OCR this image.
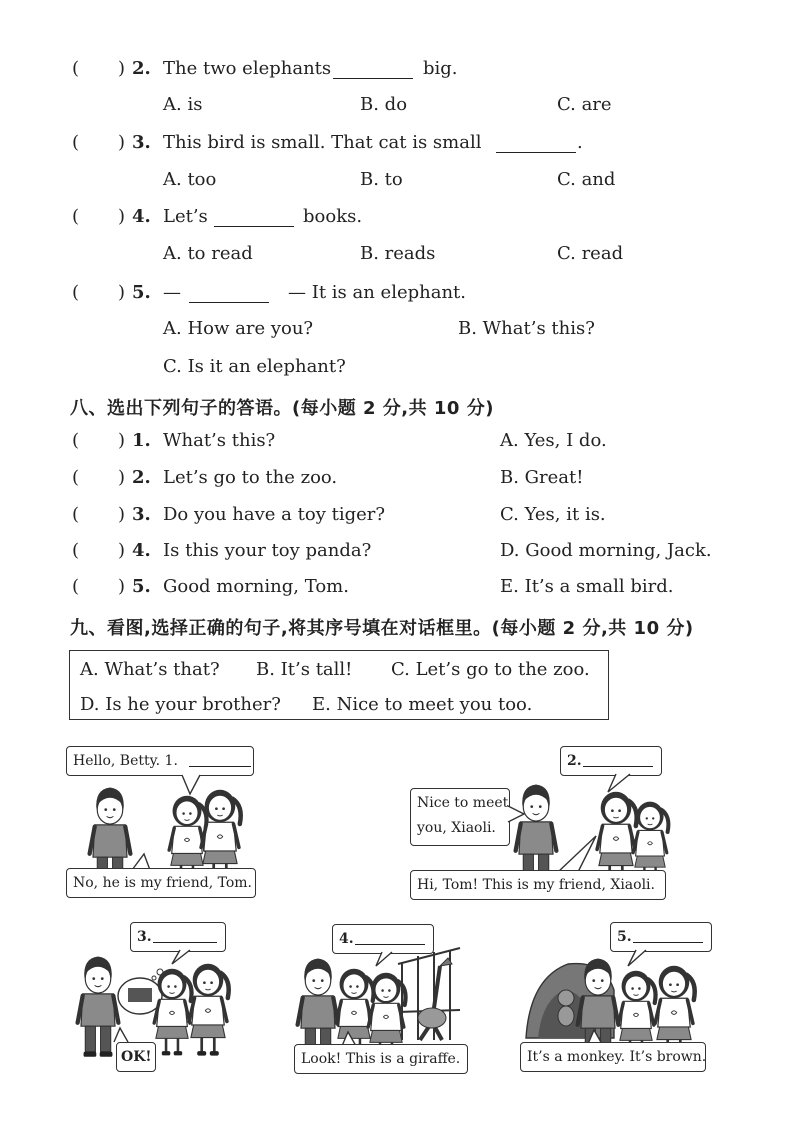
( ) 2. The two elephants	big.
A. is	B. do	C. are
( ) 3. This bird is small. That cat is small	.
A. too	B. to	C. and
( ) 4. Let’s	books.
A. to read	B. reads	C. read
( ) 5. —	— It is an elephant.
A. How are you?	B. What’s this?
C. Is it an elephant?
八、选出下列句子的答语。(每小题 2 分,共 10 分)
( ) 1. What’s this?	A. Yes, I do.
( ) 2. Let’s go to the zoo.	B. Great!
( ) 3. Do you have a toy tiger?	C. Yes, it is.
( ) 4. Is this your toy panda?	D. Good morning, Jack.
( ) 5. Good morning, Tom.	E. It’s a small bird.
九、看图,选择正确的句子,将其序号填在对话框里。(每小题 2 分,共 10 分)
A. What’s that? B. It’s tall! C. Let’s go to the zoo.
D. Is he your brother? E. Nice to meet you too.
Hello, Betty. 1.
No, he is my friend, Tom.
2.
Nice to meet
you, Xiaoli.
Hi, Tom! This is my friend, Xiaoli.
3.
OK!
4.
Look! This is a giraffe.
5.
It’s a monkey. It’s brown.
